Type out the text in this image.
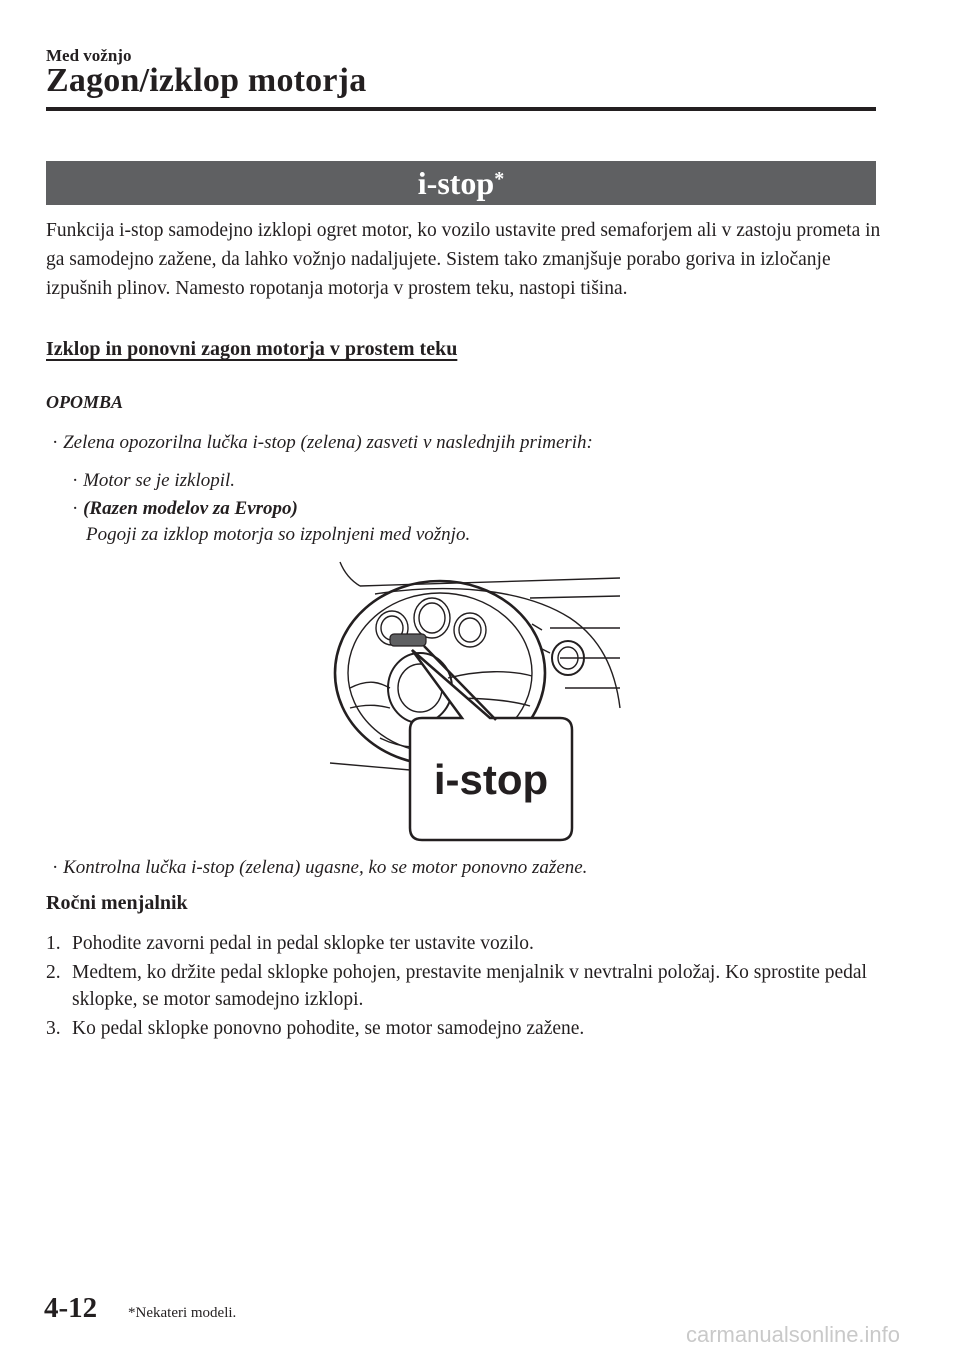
Med vožnjo
Zagon/izklop motorja
i-stop*
Funkcija i-stop samodejno izklopi ogret motor, ko vozilo ustavite pred semaforjem ali v zastoju prometa in ga samodejno zažene, da lahko vožnjo nadaljujete. Sistem tako zmanjšuje porabo goriva in izločanje izpušnih plinov. Namesto ropotanja motorja v prostem teku, nastopi tišina.
Izklop in ponovni zagon motorja v prostem teku
OPOMBA
· Zelena opozorilna lučka i-stop (zelena) zasveti v naslednjih primerih:
· Motor se je izklopil.
· (Razen modelov za Evropo)
Pogoji za izklop motorja so izpolnjeni med vožnjo.
i-stop
· Kontrolna lučka i-stop (zelena) ugasne, ko se motor ponovno zažene.
Ročni menjalnik
1. Pohodite zavorni pedal in pedal sklopke ter ustavite vozilo.
2. Medtem, ko držite pedal sklopke pohojen, prestavite menjalnik v nevtralni položaj. Ko sprostite pedal sklopke, se motor samodejno izklopi.
3. Ko pedal sklopke ponovno pohodite, se motor samodejno zažene.
4-12 *Nekateri modeli.
carmanualsonline.info
